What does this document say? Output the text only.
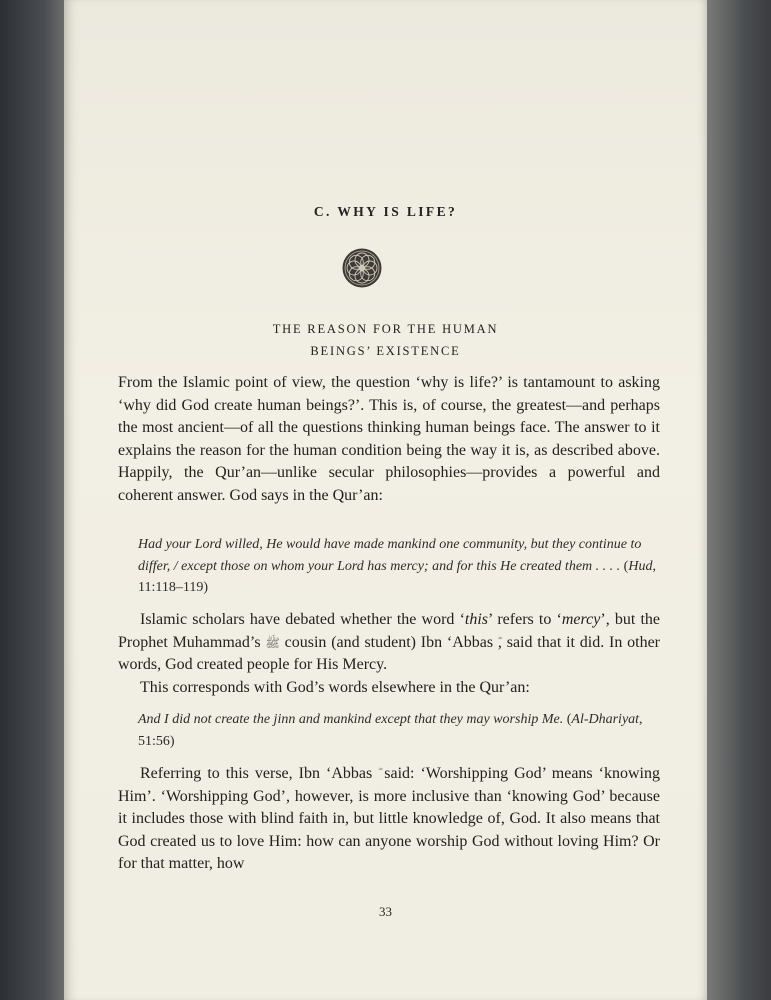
C. WHY IS LIFE?
THE REASON FOR THE HUMAN
BEINGS’ EXISTENCE

From the Islamic point of view, the question ‘why is life?’ is tantamount to asking ‘why did God create human beings?’. This is, of course, the greatest—and perhaps the most ancient—of all the questions thinking human beings face. The answer to it explains the reason for the human condition being the way it is, as described above. Happily, the Qur’an—unlike secular philosophies—provides a powerful and coherent answer. God says in the Qur’an:

Had your Lord willed, He would have made mankind one community, but they continue to differ, / except those on whom your Lord has mercy; and for this He created them . . . . (Hud, 11:118–119)

Islamic scholars have debated whether the word ‘this’ refers to ‘mercy’, but the Prophet Muhammad’s ﷺ cousin (and student) Ibn ‘Abbas , said that it did. In other words, God created people for His Mercy.

This corresponds with God’s words elsewhere in the Qur’an:

And I did not create the jinn and mankind except that they may worship Me. (Al-Dhariyat, 51:56)

Referring to this verse, Ibn ‘Abbas said: ‘Worshipping God’ means ‘knowing Him’. ‘Worshipping God’, however, is more inclusive than ‘knowing God’ because it includes those with blind faith in, but little knowledge of, God. It also means that God created us to love Him: how can anyone worship God without loving Him? Or for that matter, how

33
